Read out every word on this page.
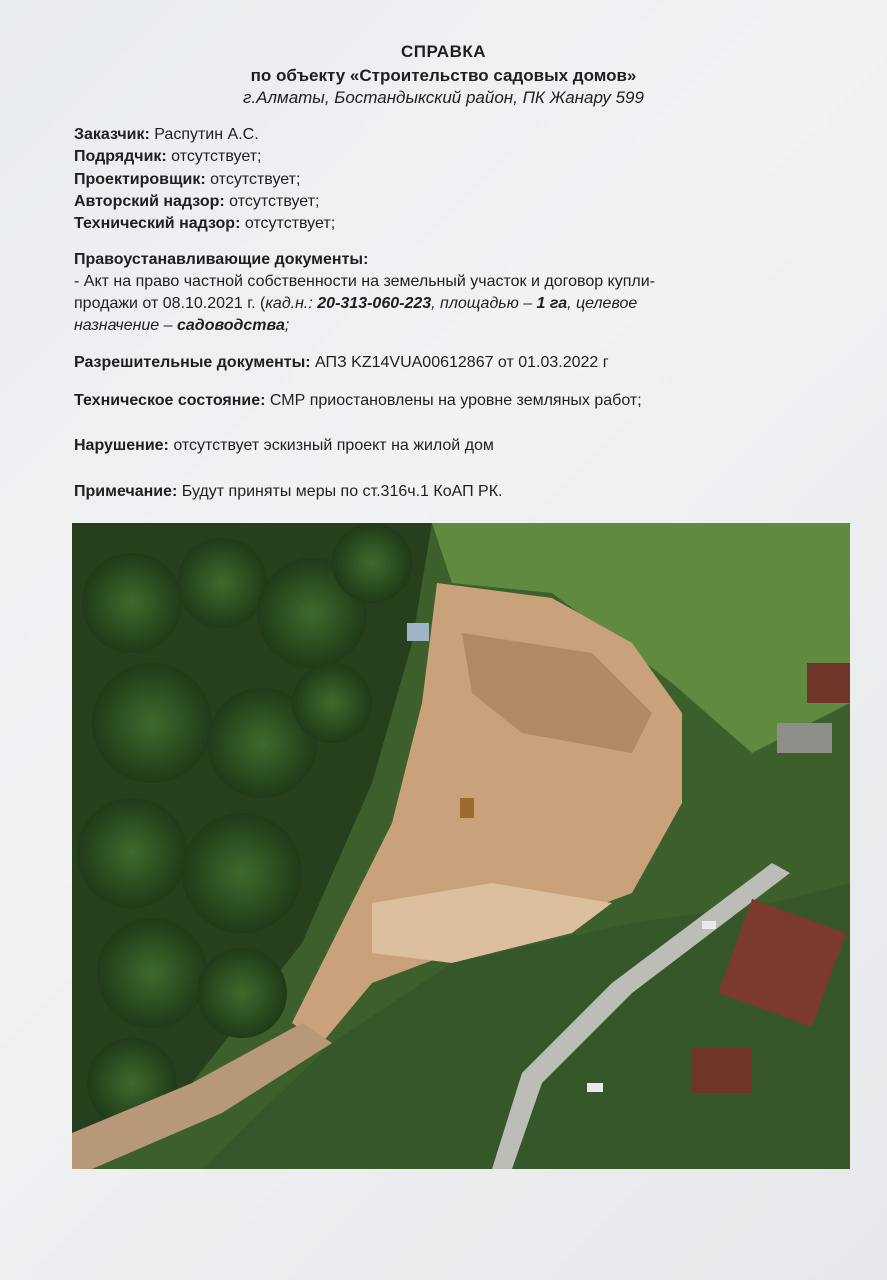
СПРАВКА
по объекту «Строительство садовых домов»
г.Алматы, Бостандыкский район, ПК Жанару 599
Заказчик: Распутин А.С.
Подрядчик: отсутствует;
Проектировщик: отсутствует;
Авторский надзор: отсутствует;
Технический надзор: отсутствует;
Правоустанавливающие документы:
- Акт на право частной собственности на земельный участок и договор купли-
продажи от 08.10.2021 г. (кад.н.: 20-313-060-223, площадью – 1 га, целевое
назначение – садоводства;
Разрешительные документы: АПЗ KZ14VUA00612867 от 01.03.2022 г
Техническое состояние: СМР приостановлены на уровне земляных работ;
Нарушение: отсутствует эскизный проект на жилой дом
Примечание: Будут приняты меры по ст.316ч.1 КоАП РК.
